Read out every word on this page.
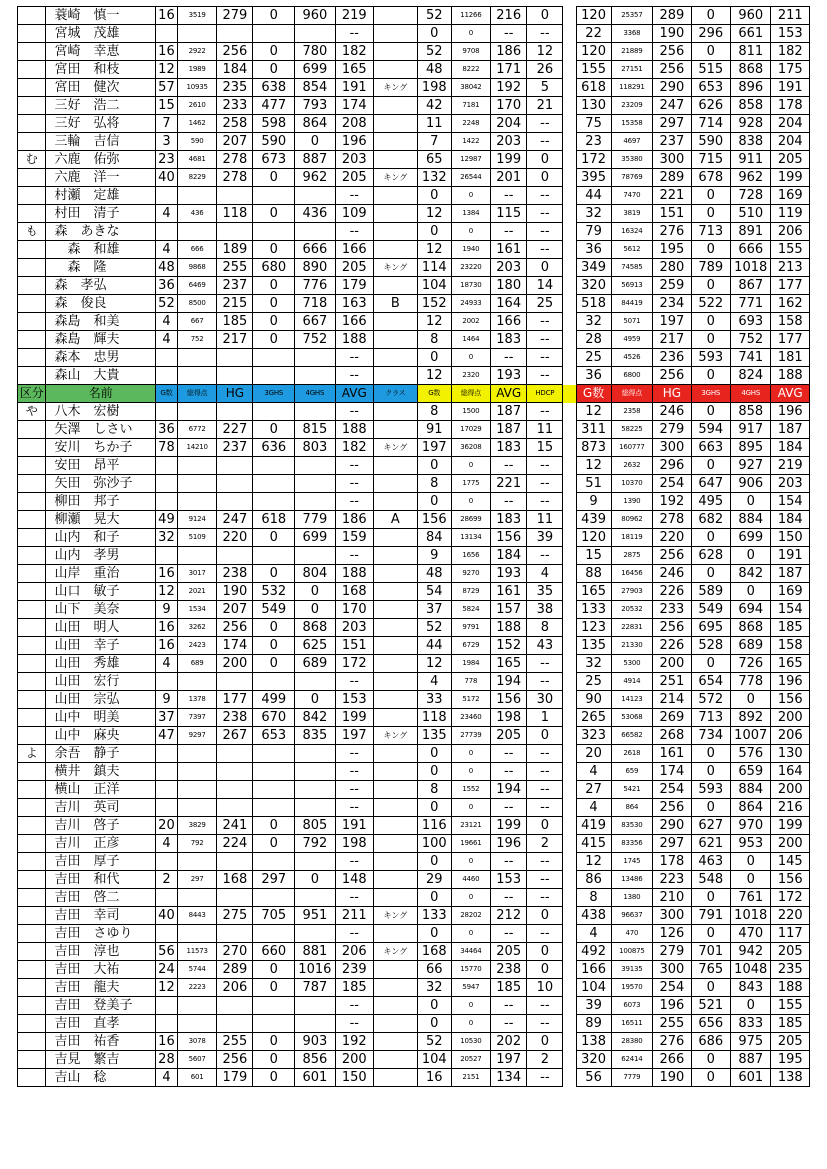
	蓑崎　慎一	16	3519	279	0	960	219		52	11266	216	0		120	25357	289	0	960	211
	宮城　茂雄						--		0	0	--	--		22	3368	190	296	661	153
	宮崎　幸恵	16	2922	256	0	780	182		52	9708	186	12		120	21889	256	0	811	182
	宮田　和枝	12	1989	184	0	699	165		48	8222	171	26		155	27151	256	515	868	175
	宮田　健次	57	10935	235	638	854	191	キング	198	38042	192	5		618	118291	290	653	896	191
	三好　浩二	15	2610	233	477	793	174		42	7181	170	21		130	23209	247	626	858	178
	三好　弘将	7	1462	258	598	864	208		11	2248	204	--		75	15358	297	714	928	204
	三輪　吉信	3	590	207	590	0	196		7	1422	203	--		23	4697	237	590	838	204
む	六鹿　佑弥	23	4681	278	673	887	203		65	12987	199	0		172	35380	300	715	911	205
	六鹿　洋一	40	8229	278	0	962	205	キング	132	26544	201	0		395	78769	289	678	962	199
	村瀬　定雄						--		0	0	--	--		44	7470	221	0	728	169
	村田　清子	4	436	118	0	436	109		12	1384	115	--		32	3819	151	0	510	119
も	森　あきな						--		0	0	--	--		79	16324	276	713	891	206
	　森　和雄	4	666	189	0	666	166		12	1940	161	--		36	5612	195	0	666	155
	　森　隆	48	9868	255	680	890	205	キング	114	23220	203	0		349	74585	280	789	1018	213
	森　孝弘	36	6469	237	0	776	179		104	18730	180	14		320	56913	259	0	867	177
	森　俊良	52	8500	215	0	718	163	B	152	24933	164	25		518	84419	234	522	771	162
	森島　和美	4	667	185	0	667	166		12	2002	166	--		32	5071	197	0	693	158
	森島　輝夫	4	752	217	0	752	188		8	1464	183	--		28	4959	217	0	752	177
	森本　忠男						--		0	0	--	--		25	4526	236	593	741	181
	森山　大貴						--		12	2320	193	--		36	6800	256	0	824	188
区分	名前	G数	総得点	HG	3GHS	4GHS	AVG	クラス	G数	総得点	AVG	HDCP		G数	総得点	HG	3GHS	4GHS	AVG
や	八木　宏樹						--		8	1500	187	--		12	2358	246	0	858	196
	矢澤　しさい	36	6772	227	0	815	188		91	17029	187	11		311	58225	279	594	917	187
	安川　ちか子	78	14210	237	636	803	182	キング	197	36208	183	15		873	160777	300	663	895	184
	安田　昂平						--		0	0	--	--		12	2632	296	0	927	219
	矢田　弥沙子						--		8	1775	221	--		51	10370	254	647	906	203
	柳田　邦子						--		0	0	--	--		9	1390	192	495	0	154
	柳瀬　晃大	49	9124	247	618	779	186	A	156	28699	183	11		439	80962	278	682	884	184
	山内　和子	32	5109	220	0	699	159		84	13134	156	39		120	18119	220	0	699	150
	山内　孝男						--		9	1656	184	--		15	2875	256	628	0	191
	山岸　重治	16	3017	238	0	804	188		48	9270	193	4		88	16456	246	0	842	187
	山口　敏子	12	2021	190	532	0	168		54	8729	161	35		165	27903	226	589	0	169
	山下　美奈	9	1534	207	549	0	170		37	5824	157	38		133	20532	233	549	694	154
	山田　明人	16	3262	256	0	868	203		52	9791	188	8		123	22831	256	695	868	185
	山田　幸子	16	2423	174	0	625	151		44	6729	152	43		135	21330	226	528	689	158
	山田　秀雄	4	689	200	0	689	172		12	1984	165	--		32	5300	200	0	726	165
	山田　宏行						--		4	778	194	--		25	4914	251	654	778	196
	山田　宗弘	9	1378	177	499	0	153		33	5172	156	30		90	14123	214	572	0	156
	山中　明美	37	7397	238	670	842	199		118	23460	198	1		265	53068	269	713	892	200
	山中　麻央	47	9297	267	653	835	197	キング	135	27739	205	0		323	66582	268	734	1007	206
よ	余吾　静子						--		0	0	--	--		20	2618	161	0	576	130
	横井　鎮夫						--		0	0	--	--		4	659	174	0	659	164
	横山　正洋						--		8	1552	194	--		27	5421	254	593	884	200
	吉川　英司						--		0	0	--	--		4	864	256	0	864	216
	吉川　啓子	20	3829	241	0	805	191		116	23121	199	0		419	83530	290	627	970	199
	吉川　正彦	4	792	224	0	792	198		100	19661	196	2		415	83356	297	621	953	200
	吉田　厚子						--		0	0	--	--		12	1745	178	463	0	145
	吉田　和代	2	297	168	297	0	148		29	4460	153	--		86	13486	223	548	0	156
	吉田　啓二						--		0	0	--	--		8	1380	210	0	761	172
	吉田　幸司	40	8443	275	705	951	211	キング	133	28202	212	0		438	96637	300	791	1018	220
	吉田　さゆり						--		0	0	--	--		4	470	126	0	470	117
	吉田　淳也	56	11573	270	660	881	206	キング	168	34464	205	0		492	100875	279	701	942	205
	吉田　大祐	24	5744	289	0	1016	239		66	15770	238	0		166	39135	300	765	1048	235
	吉田　龍夫	12	2223	206	0	787	185		32	5947	185	10		104	19570	254	0	843	188
	吉田　登美子						--		0	0	--	--		39	6073	196	521	0	155
	吉田　直孝						--		0	0	--	--		89	16511	255	656	833	185
	吉田　祐香	16	3078	255	0	903	192		52	10530	202	0		138	28380	276	686	975	205
	吉見　繁吉	28	5607	256	0	856	200		104	20527	197	2		320	62414	266	0	887	195
	吉山　稔	4	601	179	0	601	150		16	2151	134	--		56	7779	190	0	601	138
